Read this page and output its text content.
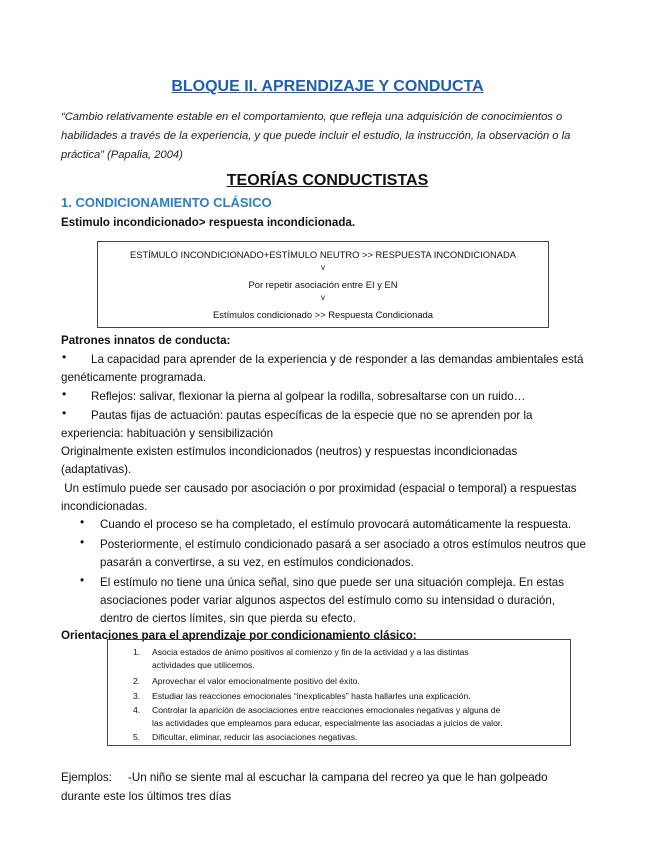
BLOQUE II. APRENDIZAJE Y CONDUCTA
“Cambio relativamente estable en el comportamiento, que refleja una adquisición de conocimientos o habilidades a través de la experiencia, y que puede incluir el estudio, la instrucción, la observación o la práctica” (Papalia, 2004)
TEORÍAS CONDUCTISTAS
1. CONDICIONAMIENTO CLÁSICO
Estimulo incondicionado> respuesta incondicionada.
ESTÍMULO INCONDICIONADO+ESTÍMULO NEUTRO >> RESPUESTA INCONDICIONADA
v
Por repetir asociación entre EI y EN
v
Estímulos condicionado >> Respuesta Condicionada
Patrones innatos de conducta:
• La capacidad para aprender de la experiencia y de responder a las demandas ambientales está
genéticamente programada.
• Reflejos: salivar, flexionar la pierna al golpear la rodilla, sobresaltarse con un ruido…
• Pautas fijas de actuación: pautas específicas de la especie que no se aprenden por la
experiencia: habituación y sensibilización
Originalmente existen estímulos incondicionados (neutros) y respuestas incondicionadas
(adaptativas).
Un estímulo puede ser causado por asociación o por proximidad (espacial o temporal) a respuestas
incondicionadas.
• Cuando el proceso se ha completado, el estímulo provocará automáticamente la respuesta.
• Posteriormente, el estímulo condicionado pasará a ser asociado a otros estímulos neutros que
pasarán a convertirse, a su vez, en estímulos condicionados.
• El estímulo no tiene una única señal, sino que puede ser una situación compleja. En estas
asociaciones poder variar algunos aspectos del estímulo como su intensidad o duración,
dentro de ciertos límites, sin que pierda su efecto.
Orientaciones para el aprendizaje por condicionamiento clásico:
1. Asocia estados de ánimo positivos al comienzo y fin de la actividad y a las distintas
actividades que utilicemos.
2. Aprovechar el valor emocionalmente positivo del éxito.
3. Estudiar las reacciones emocionales “inexplicables” hasta hallarles una explicación.
4. Controlar la aparición de asociaciones entre reacciones emocionales negativas y alguna de
las actividades que empleamos para educar, especialmente las asociadas a juicios de valor.
5. Dificultar, eliminar, reducir las asociaciones negativas.
Ejemplos: -Un niño se siente mal al escuchar la campana del recreo ya que le han golpeado
durante este los últimos tres días
